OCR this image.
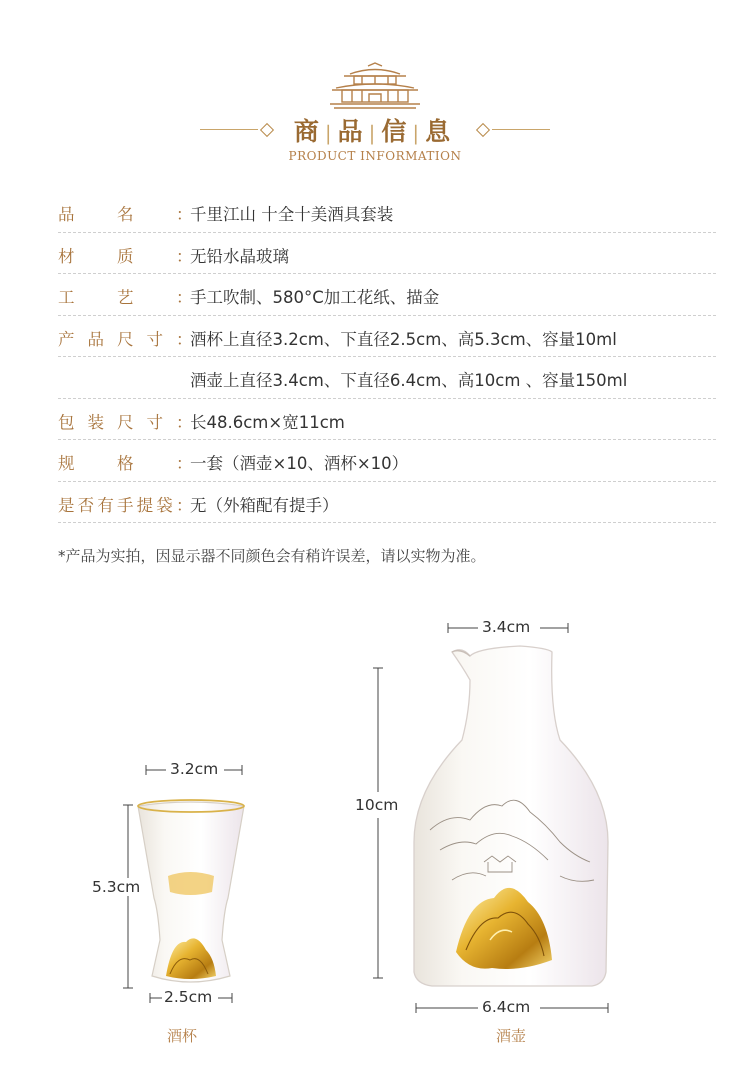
商|品|信|息
PRODUCT INFORMATION
品	名	：
千里江山 十全十美酒具套装
材	质	：
无铅水晶玻璃
工	艺	：
手工吹制、580°C加工花纸、描金
产 品 尺 寸 ：
酒杯上直径3.2cm、下直径2.5cm、高5.3cm、容量10ml
酒壶上直径3.4cm、下直径6.4cm、高10cm 、容量150ml
包 装 尺 寸 ：
长48.6cm×宽11cm
规	格	：
一套（酒壶×10、酒杯×10）
是 否 有 手 提 袋 ：
无（外箱配有提手）
*产品为实拍，因显示器不同颜色会有稍许误差，请以实物为准。
3.2cm
5.3cm
2.5cm
酒杯
3.4cm
10cm
6.4cm
酒壶
